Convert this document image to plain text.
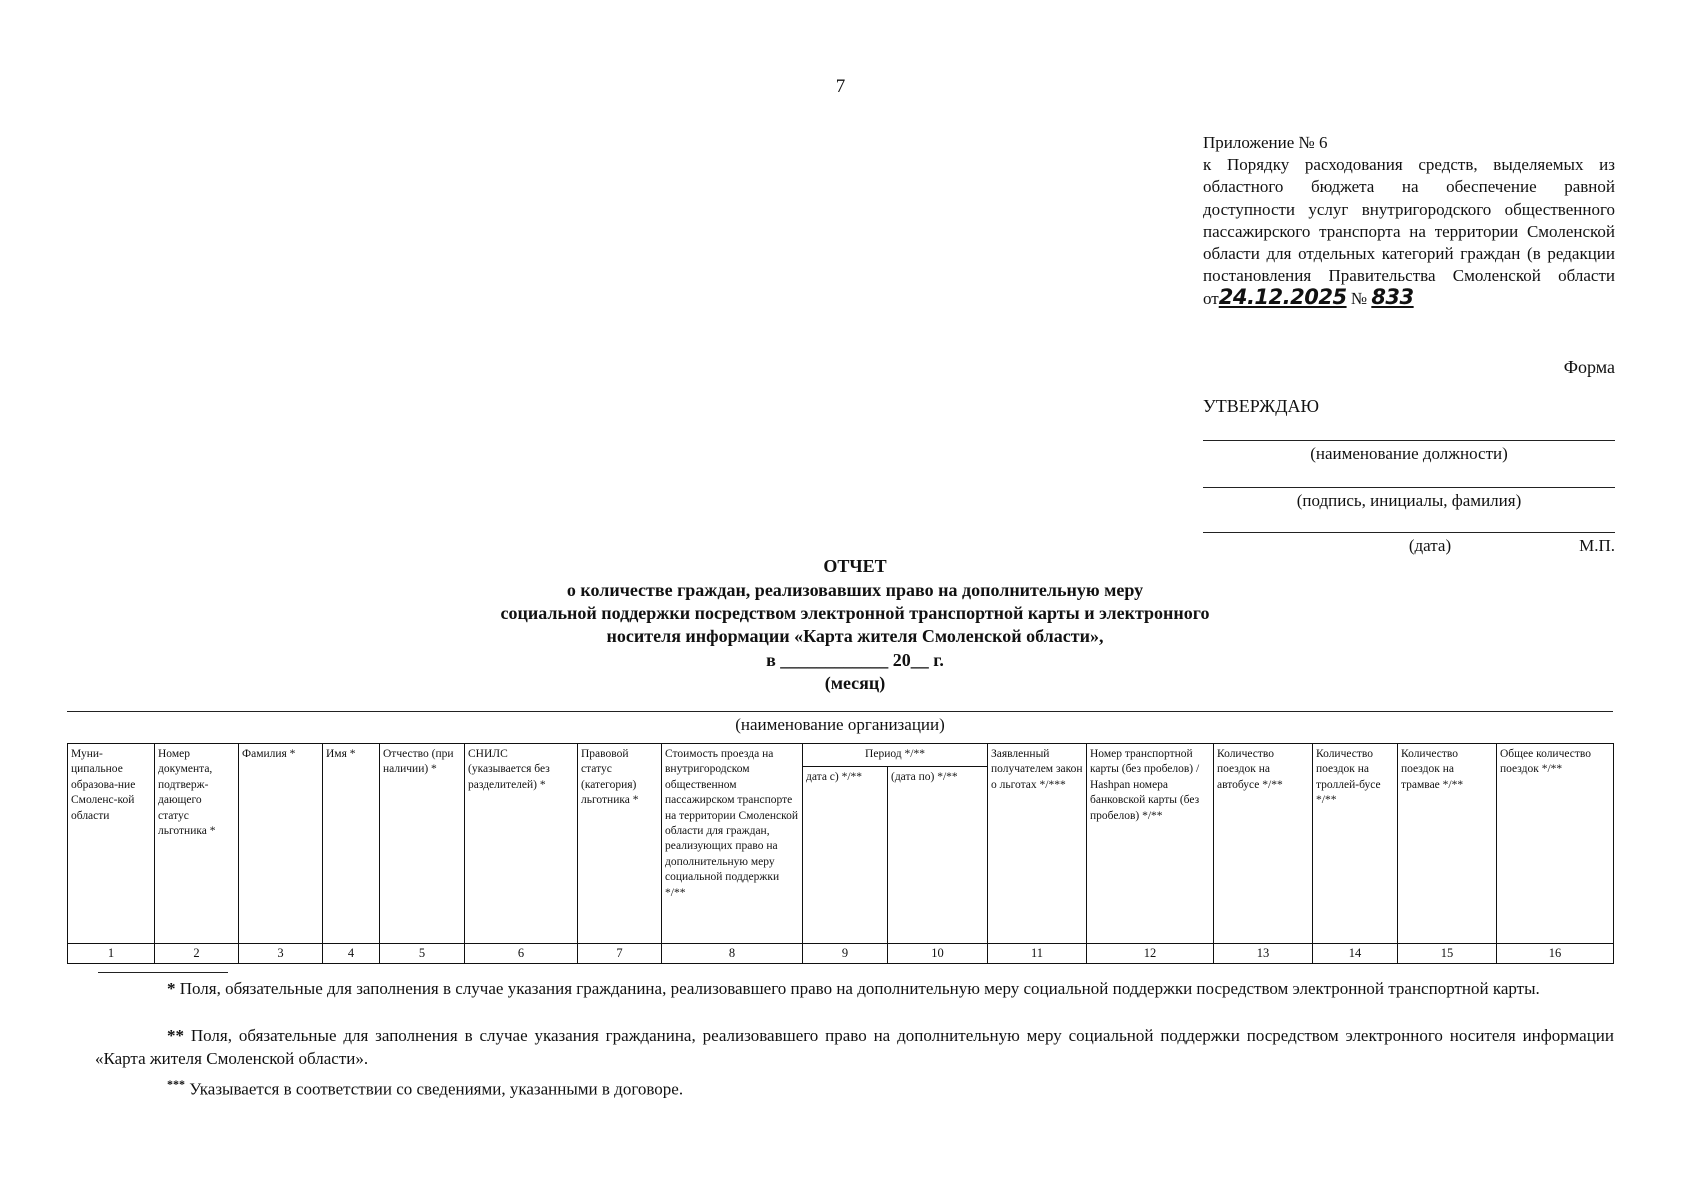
7
Приложение № 6
к Порядку расходования средств, выделяемых из областного бюджета на обеспечение равной доступности услуг внутригородского общественного пассажирского транспорта на территории Смоленской области для отдельных категорий граждан (в редакции постановления Правительства Смоленской области
от24.12.2025 № 833
Форма
УТВЕРЖДАЮ
(наименование должности)
(подпись, инициалы, фамилия)
(дата)	М.П.
ОТЧЕТ
о количестве граждан, реализовавших право на дополнительную меру
социальной поддержки посредством электронной транспортной карты и электронного
носителя информации «Карта жителя Смоленской области»,
в ____________ 20__ г.
(месяц)
(наименование организации)
Муни-ципальное образова-ние Смоленс-кой области	Номер документа, подтверж-дающего статус льготника *	Фамилия *	Имя *	Отчество (при наличии) *	СНИЛС (указывается без разделителей) *	Правовой статус (категория) льготника *	Стоимость проезда на внутригородском общественном пассажирском транспорте на территории Смоленской области для граждан, реализующих право на дополнительную меру социальной поддержки */**	Период */**		Заявленный получателем закон о льготах */***	Номер транспортной карты (без пробелов) / Hashpan номера банковской карты (без пробелов) */**	Количество поездок на автобусе */**	Количество поездок на троллей-бусе */**	Количество поездок на трамвае */**	Общее количество поездок */**
								дата с) */**	(дата по) */**						
1	2	3	4	5	6	7	8	9	10	11	12	13	14	15	16
* Поля, обязательные для заполнения в случае указания гражданина, реализовавшего право на дополнительную меру социальной поддержки посредством электронной транспортной карты.
** Поля, обязательные для заполнения в случае указания гражданина, реализовавшего право на дополнительную меру социальной поддержки посредством электронного носителя информации «Карта жителя Смоленской области».
*** Указывается в соответствии со сведениями, указанными в договоре.
